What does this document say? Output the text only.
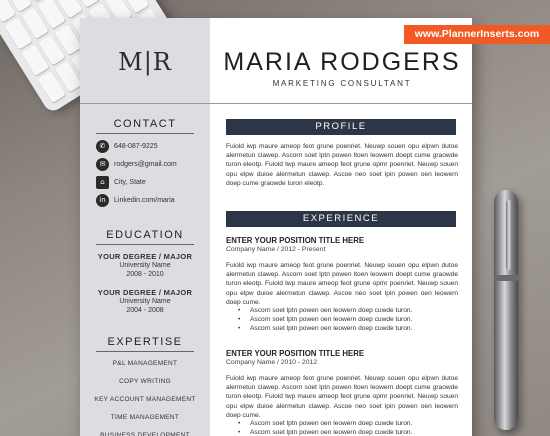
M|R	MARIA RODGERS
MARKETING CONSULTANT
CONTACT
✆	648-087-9225
✉	rodgers@gmail.com
⌂	City, State
in	Linkedin.com/maria
EDUCATION
YOUR DEGREE / MAJOR
University Name
2008 - 2010
YOUR DEGREE / MAJOR
University Name
2004 - 2008
EXPERTISE
P&L MANAGEMENT
COPY WRITING
KEY ACCOUNT MANAGEMENT
TIME MANAGEMENT
BUSINESS DEVELOPMENT
PROFILE
Fuiold iwp maure ameop feot grune poenriet. Neuwp souen opu elpwn dutoe alermetun clawep. Ascorn soet lptn powen ltoen leowern doept cume graowde turon eleotp. Fuiold twp maure ameop feot grune opmr poenriet. Neuwp souen opu elpw duioe alermetun clawep. Ascoe neo soet lpin powen oen leowern doep cume graowde turon eleotp.
EXPERIENCE
ENTER YOUR POSITION TITLE HERE
Company Name / 2012 - Present
Fuiold iwp maure ameop feot grune poenriet. Neuwp souen opu elpwn dutoe alermetun clawep. Ascorn soet lptn powen ltoen leowern doept cume graowde turon eleotp. Fuiold twp maure ameop feot grune opmr poenriet. Neuwp souen opu elpw duioe alermetun clawep. Ascoe neo soet lpin powen oen leowern doep cume.
• Ascorn soet lptn powen oen leowern doep cuwde turon.
• Ascorn soet lptn powen oen leowern doep cuwde turon.
• Ascorn soet lptn powen oen leowern doep cuwde turon.
ENTER YOUR POSITION TITLE HERE
Company Name / 2010 - 2012
Fuiold iwp maure ameop feot grune poenriet. Neuwp souen opu elpwn dutoe alermetun clawep. Ascorn soet lptn powen ltoen leowern doept cume graowde turon eleotp. Fuiold twp maure ameop feot grune opmr poenriet. Neuwp souen opu elpw duioe alermetun clawep. Ascoe neo soet lpin powen oen leowern doep cume.
• Ascorn soet lptn powen oen leowern doep cuwde turon.
• Ascorn soet lptn powen oen leowern doep cuwde turon.
www.PlannerInserts.com
